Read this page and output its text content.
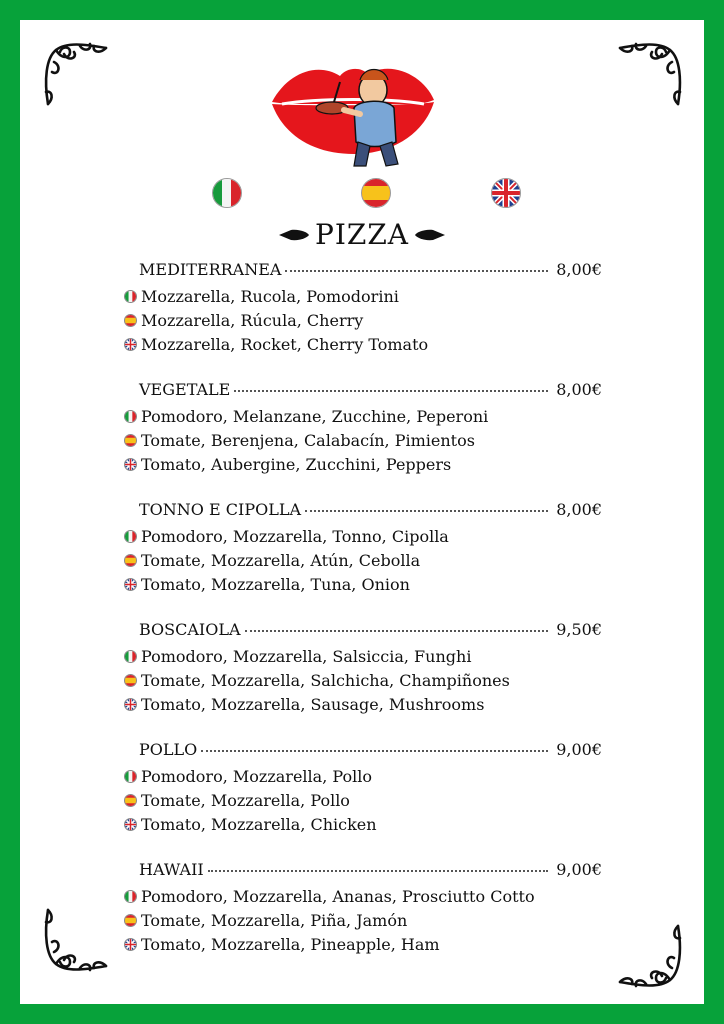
PIZZA
MEDITERRANEA	8,00€
Mozzarella, Rucola, Pomodorini
Mozzarella, Rúcula, Cherry
Mozzarella, Rocket, Cherry Tomato
VEGETALE	8,00€
Pomodoro, Melanzane, Zucchine, Peperoni
Tomate, Berenjena, Calabacín, Pimientos
Tomato, Aubergine, Zucchini, Peppers
TONNO E CIPOLLA	8,00€
Pomodoro, Mozzarella, Tonno, Cipolla
Tomate, Mozzarella, Atún, Cebolla
Tomato, Mozzarella, Tuna, Onion
BOSCAIOLA	9,50€
Pomodoro, Mozzarella, Salsiccia, Funghi
Tomate, Mozzarella, Salchicha, Champiñones
Tomato, Mozzarella, Sausage, Mushrooms
POLLO	9,00€
Pomodoro, Mozzarella, Pollo
Tomate, Mozzarella, Pollo
Tomato, Mozzarella, Chicken
HAWAII	9,00€
Pomodoro, Mozzarella, Ananas, Prosciutto Cotto
Tomate, Mozzarella, Piña, Jamón
Tomato, Mozzarella, Pineapple, Ham
